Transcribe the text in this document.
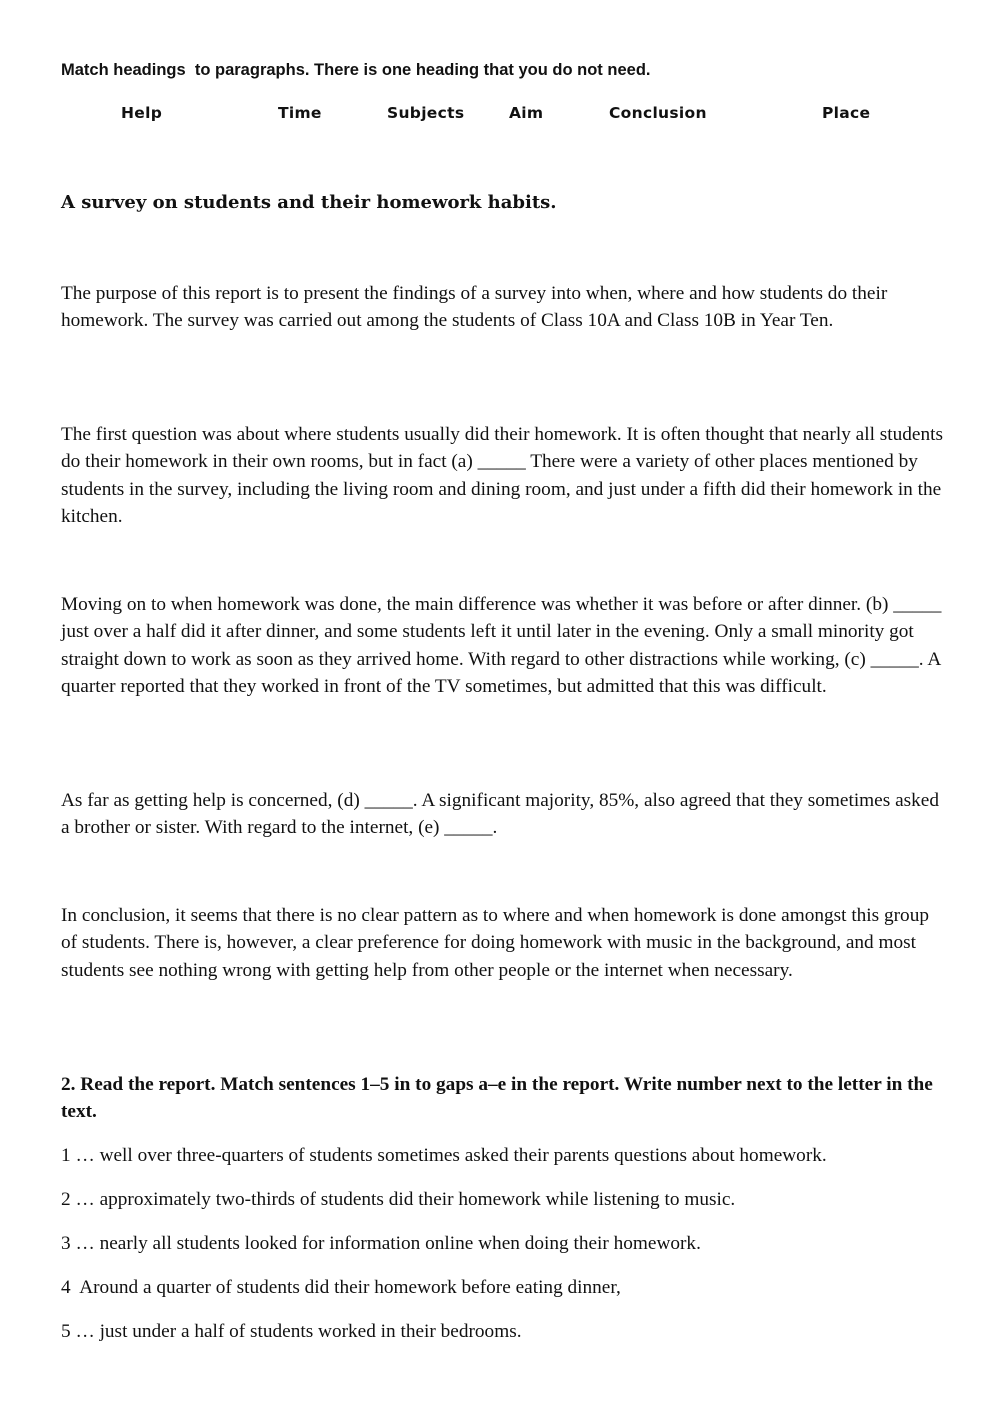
Match headings  to paragraphs. There is one heading that you do not need.
Help	Time	Subjects	Aim	Conclusion	Place
A survey on students and their homework habits.

The purpose of this report is to present the findings of a survey into when, where and how students do their homework. The survey was carried out among the students of Class 10A and Class 10B in Year Ten.

The first question was about where students usually did their homework. It is often thought that nearly all students do their homework in their own rooms, but in fact (a) _____ There were a variety of other places mentioned by students in the survey, including the living room and dining room, and just under a fifth did their homework in the kitchen.

Moving on to when homework was done, the main difference was whether it was before or after dinner. (b) _____ just over a half did it after dinner, and some students left it until later in the evening. Only a small minority got straight down to work as soon as they arrived home. With regard to other distractions while working, (c) _____. A quarter reported that they worked in front of the TV sometimes, but admitted that this was difficult.

As far as getting help is concerned, (d) _____. A significant majority, 85%, also agreed that they sometimes asked a brother or sister. With regard to the internet, (e) _____.

In conclusion, it seems that there is no clear pattern as to where and when homework is done amongst this group of students. There is, however, a clear preference for doing homework with music in the background, and most students see nothing wrong with getting help from other people or the internet when necessary.

2. Read the report. Match sentences 1–5 in to gaps a–e in the report. Write number next to the letter in the text.

1 … well over three-quarters of students sometimes asked their parents questions about homework.
2 … approximately two-thirds of students did their homework while listening to music.
3 … nearly all students looked for information online when doing their homework.
4  Around a quarter of students did their homework before eating dinner,
5 … just under a half of students worked in their bedrooms.
